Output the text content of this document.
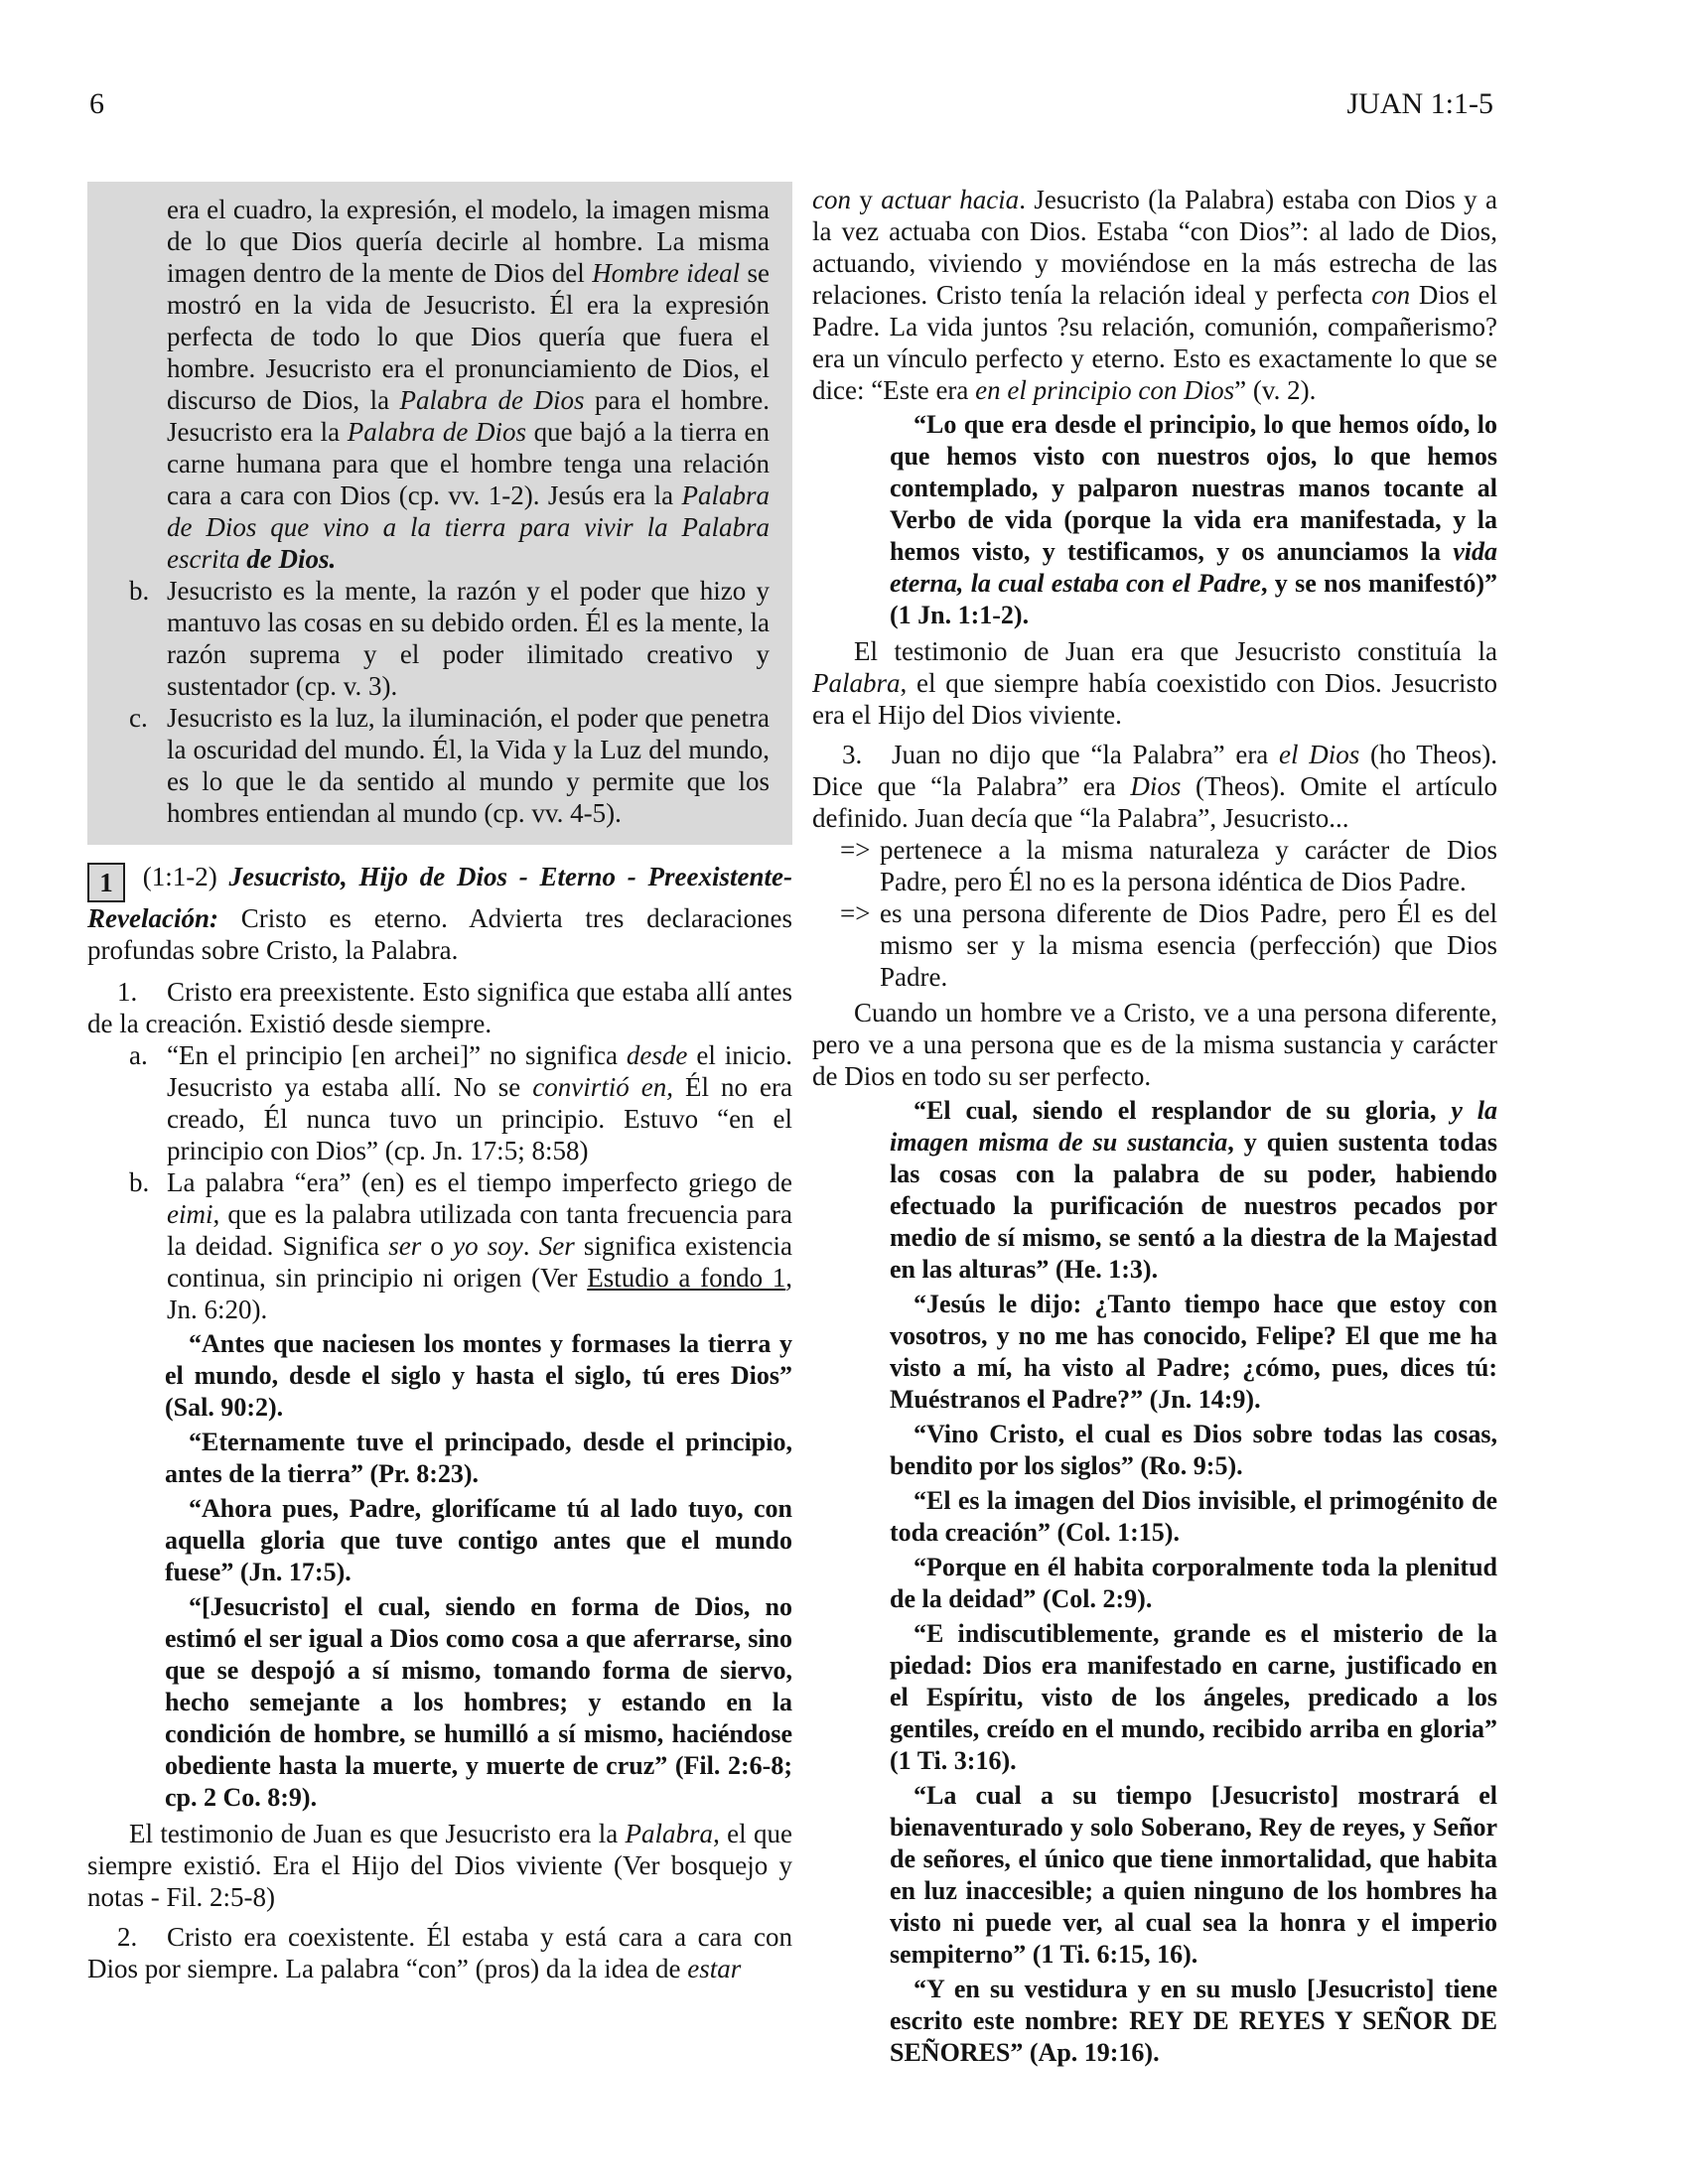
6	JUAN 1:1-5
era el cuadro, la expresión, el modelo, la imagen misma de lo que Dios quería decirle al hombre. La misma imagen dentro de la mente de Dios del Hombre ideal se mostró en la vida de Jesucristo. Él era la expresión perfecta de todo lo que Dios quería que fuera el hombre. Jesucristo era el pronunciamiento de Dios, el discurso de Dios, la Palabra de Dios para el hombre. Jesucristo era la Palabra de Dios que bajó a la tierra en carne humana para que el hombre tenga una relación cara a cara con Dios (cp. vv. 1-2). Jesús era la Palabra de Dios que vino a la tierra para vivir la Palabra escrita de Dios.
b. Jesucristo es la mente, la razón y el poder que hizo y mantuvo las cosas en su debido orden. Él es la mente, la razón suprema y el poder ilimitado creativo y sustentador (cp. v. 3).
c. Jesucristo es la luz, la iluminación, el poder que penetra la oscuridad del mundo. Él, la Vida y la Luz del mundo, es lo que le da sentido al mundo y permite que los hombres entiendan al mundo (cp. vv. 4-5).

1 (1:1-2) Jesucristo, Hijo de Dios - Eterno - Preexistente- Revelación: Cristo es eterno. Advierta tres declaraciones profundas sobre Cristo, la Palabra.

1. Cristo era preexistente. Esto significa que estaba allí antes de la creación. Existió desde siempre.

a. “En el principio [en archei]” no significa desde el inicio. Jesucristo ya estaba allí. No se convirtió en, Él no era creado, Él nunca tuvo un principio. Estuvo “en el principio con Dios” (cp. Jn. 17:5; 8:58)
b. La palabra “era” (en) es el tiempo imperfecto griego de eimi, que es la palabra utilizada con tanta frecuencia para la deidad. Significa ser o yo soy. Ser significa existencia continua, sin principio ni origen (Ver Estudio a fondo 1, Jn. 6:20).

“Antes que naciesen los montes y formases la tierra y el mundo, desde el siglo y hasta el siglo, tú eres Dios” (Sal. 90:2).

“Eternamente tuve el principado, desde el principio, antes de la tierra” (Pr. 8:23).

“Ahora pues, Padre, glorifícame tú al lado tuyo, con aquella gloria que tuve contigo antes que el mundo fuese” (Jn. 17:5).

“[Jesucristo] el cual, siendo en forma de Dios, no estimó el ser igual a Dios como cosa a que aferrarse, sino que se despojó a sí mismo, tomando forma de siervo, hecho semejante a los hombres; y estando en la condición de hombre, se humilló a sí mismo, haciéndose obediente hasta la muerte, y muerte de cruz” (Fil. 2:6-8; cp. 2 Co. 8:9).

El testimonio de Juan es que Jesucristo era la Palabra, el que siempre existió. Era el Hijo del Dios viviente (Ver bosquejo y notas - Fil. 2:5-8)

2. Cristo era coexistente. Él estaba y está cara a cara con Dios por siempre. La palabra “con” (pros) da la idea de estar

con y actuar hacia. Jesucristo (la Palabra) estaba con Dios y a la vez actuaba con Dios. Estaba “con Dios”: al lado de Dios, actuando, viviendo y moviéndose en la más estrecha de las relaciones. Cristo tenía la relación ideal y perfecta con Dios el Padre. La vida juntos ?su relación, comunión, compañerismo? era un vínculo perfecto y eterno. Esto es exactamente lo que se dice: “Este era en el principio con Dios” (v. 2).

“Lo que era desde el principio, lo que hemos oído, lo que hemos visto con nuestros ojos, lo que hemos contemplado, y palparon nuestras manos tocante al Verbo de vida (porque la vida era manifestada, y la hemos visto, y testificamos, y os anunciamos la vida eterna, la cual estaba con el Padre, y se nos manifestó)” (1 Jn. 1:1-2).

El testimonio de Juan era que Jesucristo constituía la Palabra, el que siempre había coexistido con Dios. Jesucristo era el Hijo del Dios viviente.

3. Juan no dijo que “la Palabra” era el Dios (ho Theos). Dice que “la Palabra” era Dios (Theos). Omite el artículo definido. Juan decía que “la Palabra”, Jesucristo...

=> pertenece a la misma naturaleza y carácter de Dios Padre, pero Él no es la persona idéntica de Dios Padre.
=> es una persona diferente de Dios Padre, pero Él es del mismo ser y la misma esencia (perfección) que Dios Padre.

Cuando un hombre ve a Cristo, ve a una persona diferente, pero ve a una persona que es de la misma sustancia y carácter de Dios en todo su ser perfecto.

“El cual, siendo el resplandor de su gloria, y la imagen misma de su sustancia, y quien sustenta todas las cosas con la palabra de su poder, habiendo efectuado la purificación de nuestros pecados por medio de sí mismo, se sentó a la diestra de la Majestad en las alturas” (He. 1:3).

“Jesús le dijo: ¿Tanto tiempo hace que estoy con vosotros, y no me has conocido, Felipe? El que me ha visto a mí, ha visto al Padre; ¿cómo, pues, dices tú: Muéstranos el Padre?” (Jn. 14:9).

“Vino Cristo, el cual es Dios sobre todas las cosas, bendito por los siglos” (Ro. 9:5).

“El es la imagen del Dios invisible, el primogénito de toda creación” (Col. 1:15).

“Porque en él habita corporalmente toda la plenitud de la deidad” (Col. 2:9).

“E indiscutiblemente, grande es el misterio de la piedad: Dios era manifestado en carne, justificado en el Espíritu, visto de los ángeles, predicado a los gentiles, creído en el mundo, recibido arriba en gloria” (1 Ti. 3:16).

“La cual a su tiempo [Jesucristo] mostrará el bienaventurado y solo Soberano, Rey de reyes, y Señor de señores, el único que tiene inmortalidad, que habita en luz inaccesible; a quien ninguno de los hombres ha visto ni puede ver, al cual sea la honra y el imperio sempiterno” (1 Ti. 6:15, 16).

“Y en su vestidura y en su muslo [Jesucristo] tiene escrito este nombre: REY DE REYES Y SEÑOR DE SEÑORES” (Ap. 19:16).
